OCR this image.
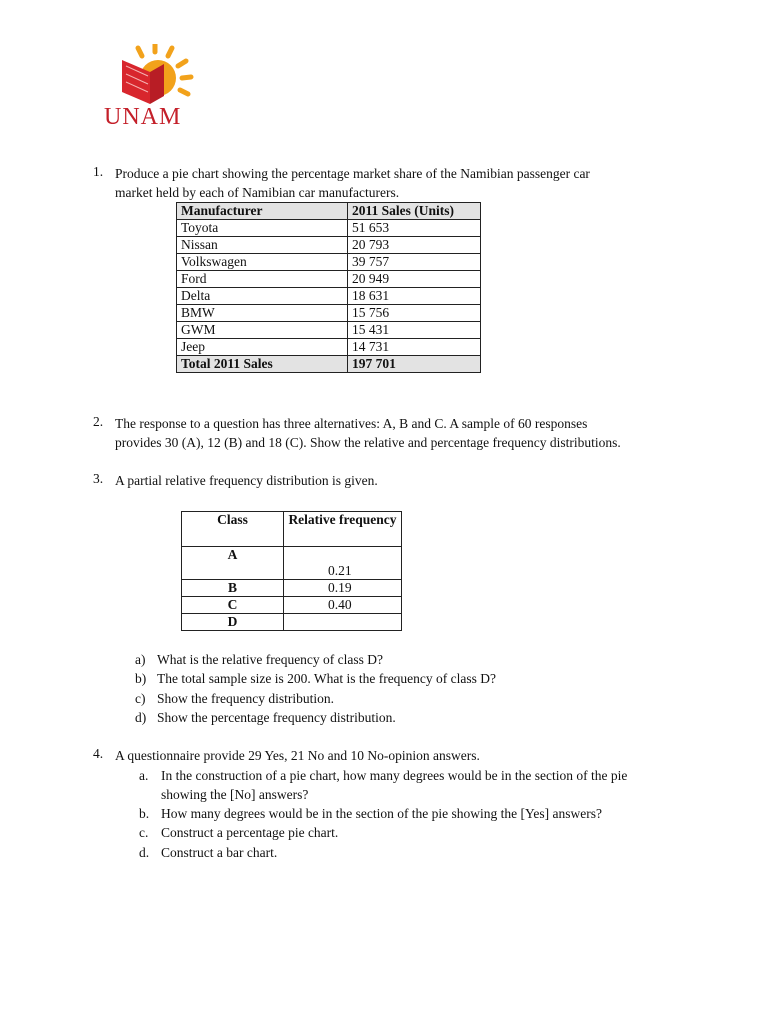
UNAM
1. Produce a pie chart showing the percentage market share of the Namibian passenger car
market held by each of Namibian car manufacturers.
Manufacturer	2011 Sales (Units)
Toyota	51 653
Nissan	20 793
Volkswagen	39 757
Ford	20 949
Delta	18 631
BMW	15 756
GWM	15 431
Jeep	14 731
Total 2011 Sales	197 701
2. The response to a question has three alternatives: A, B and C. A sample of 60 responses
provides 30 (A), 12 (B) and 18 (C). Show the relative and percentage frequency distributions.
3. A partial relative frequency distribution is given.
Class	Relative frequency
A	0.21
B	0.19
C	0.40
D	
a) What is the relative frequency of class D?
b) The total sample size is 200. What is the frequency of class D?
c) Show the frequency distribution.
d) Show the percentage frequency distribution.
4. A questionnaire provide 29 Yes, 21 No and 10 No-opinion answers.
a. In the construction of a pie chart, how many degrees would be in the section of the pie
showing the [No] answers?
b. How many degrees would be in the section of the pie showing the [Yes] answers?
c. Construct a percentage pie chart.
d. Construct a bar chart.
